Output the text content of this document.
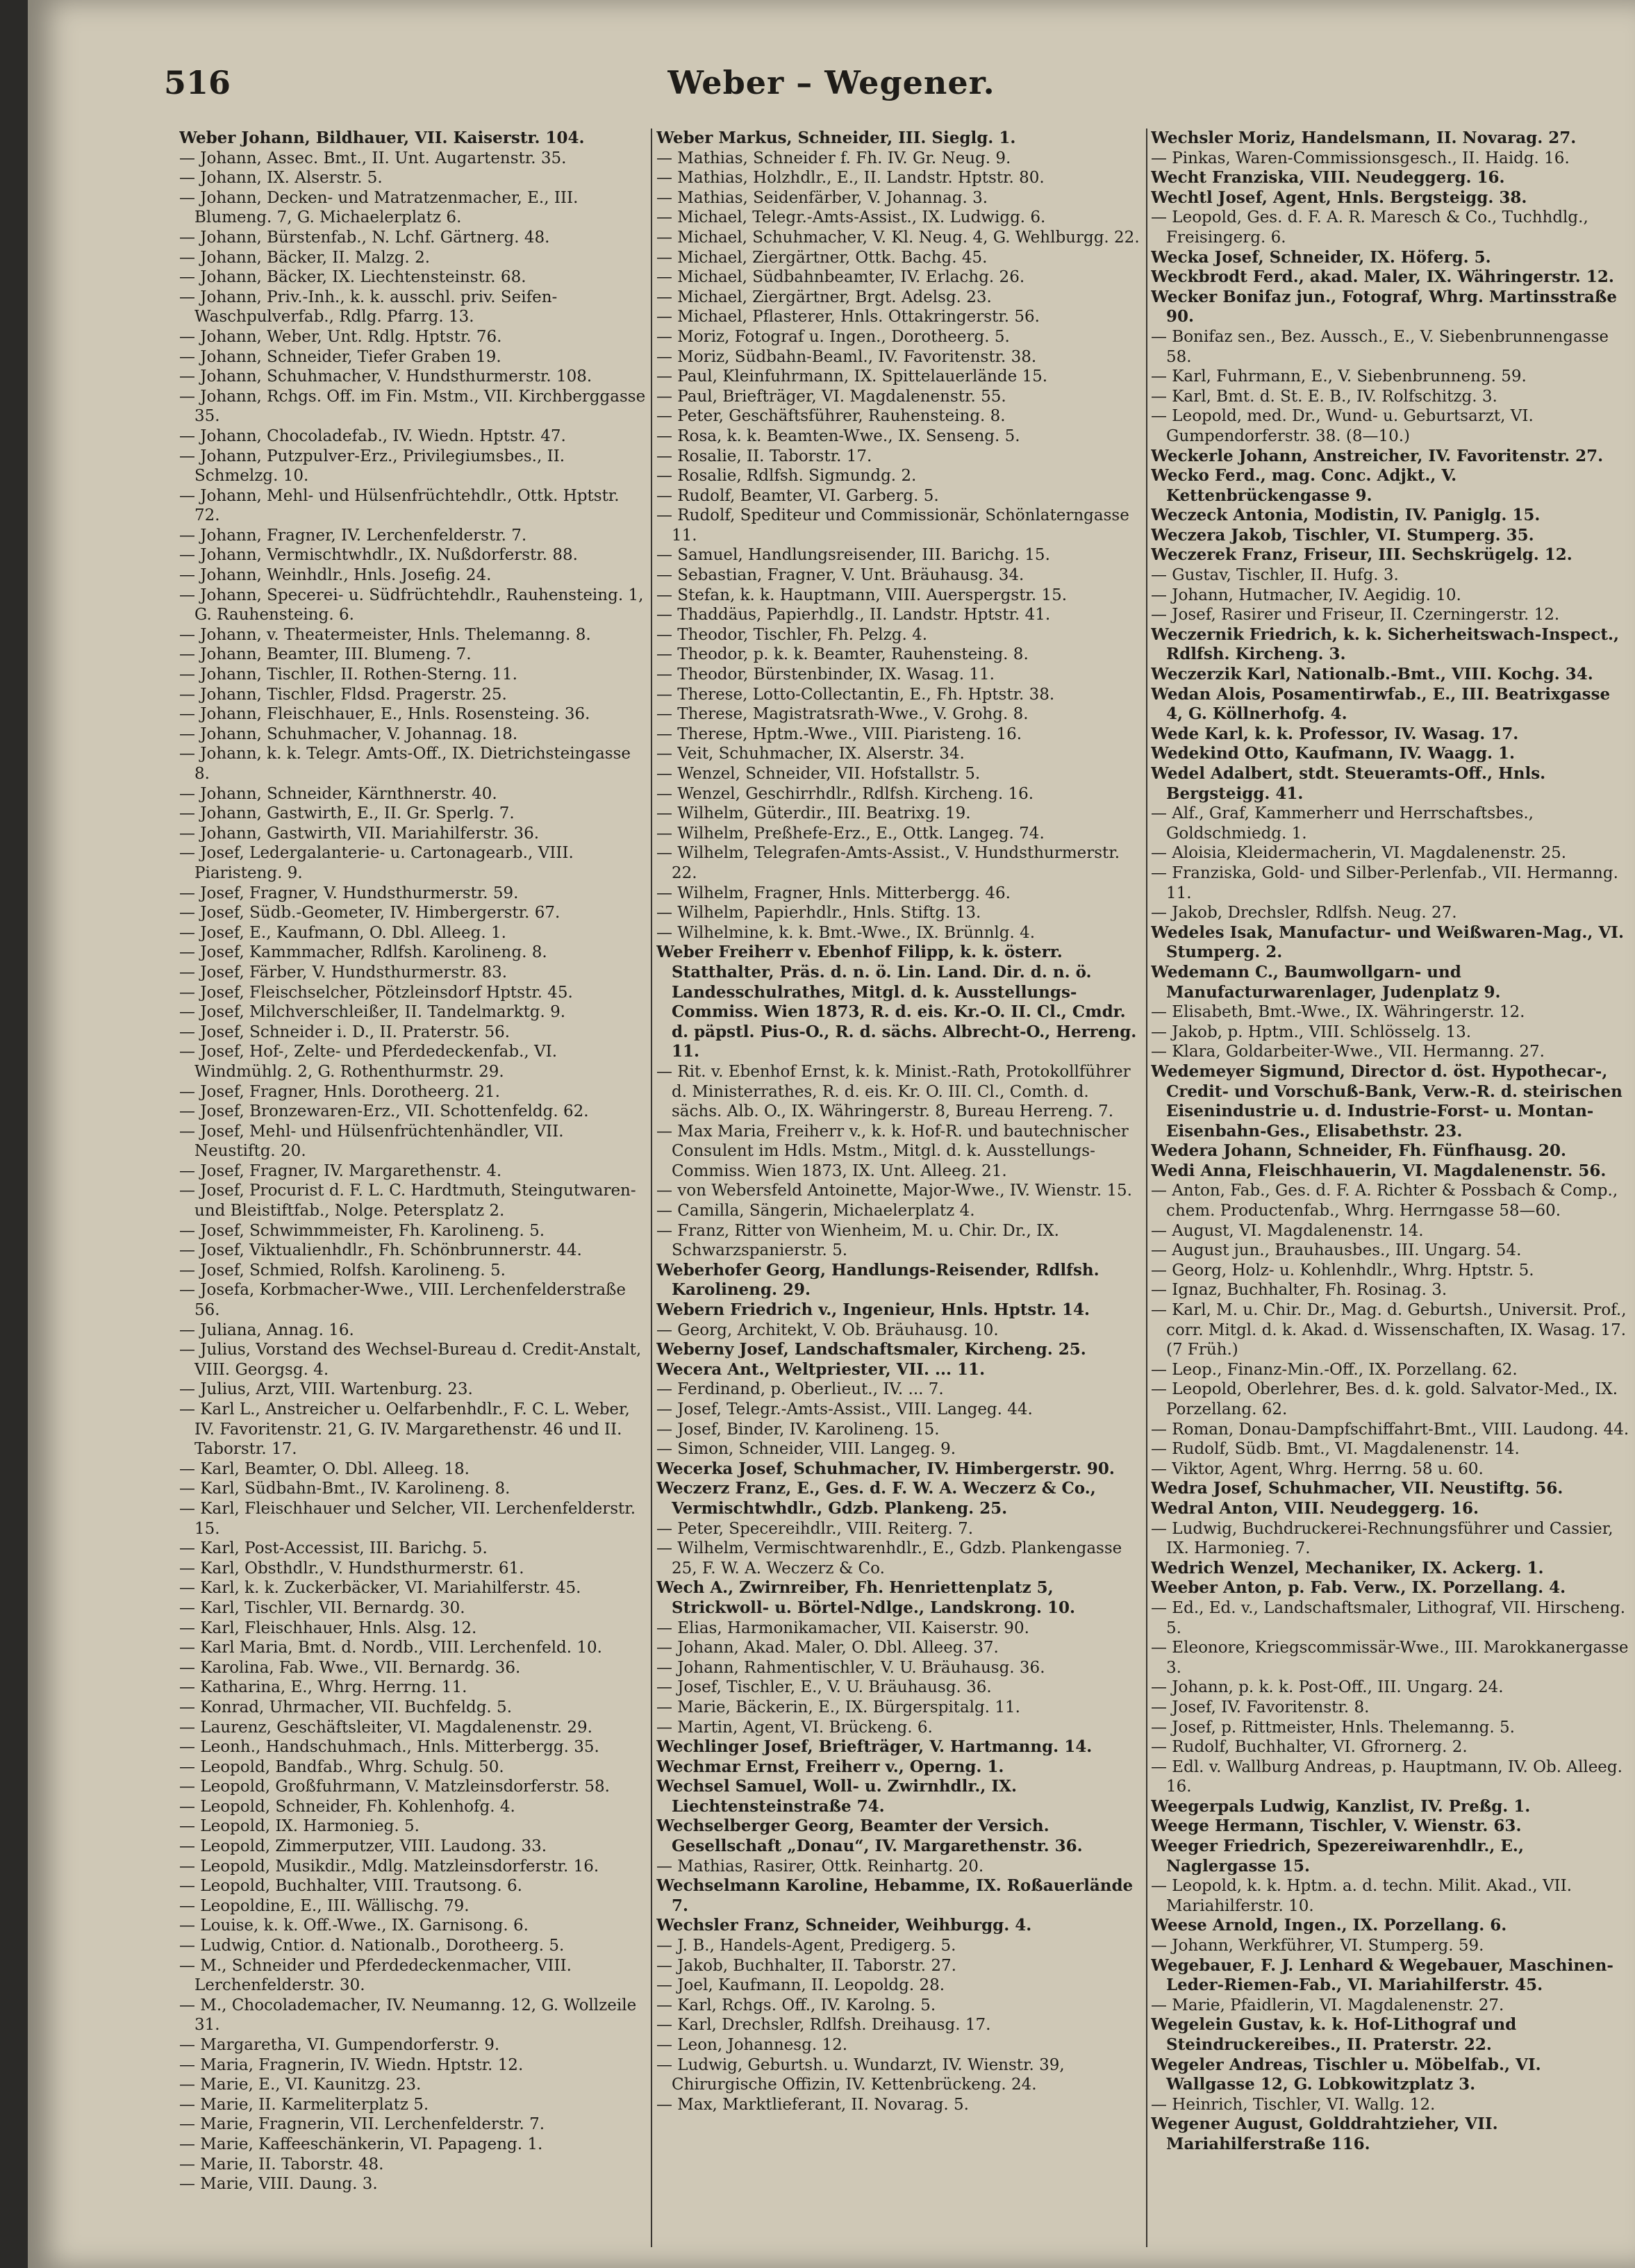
516	Weber – Wegener.

Weber Johann, Bildhauer, VII. Kaiserstr. 104.

— Johann, Assec. Bmt., II. Unt. Augartenstr. 35.

— Johann, IX. Alserstr. 5.

— Johann, Decken- und Matratzenmacher, E., III. Blumeng. 7, G. Michaelerplatz 6.

— Johann, Bürstenfab., N. Lchf. Gärtnerg. 48.

— Johann, Bäcker, II. Malzg. 2.

— Johann, Bäcker, IX. Liechtensteinstr. 68.

— Johann, Priv.-Inh., k. k. ausschl. priv. Seifen-Waschpulverfab., Rdlg. Pfarrg. 13.

— Johann, Weber, Unt. Rdlg. Hptstr. 76.

— Johann, Schneider, Tiefer Graben 19.

— Johann, Schuhmacher, V. Hundsthurmerstr. 108.

— Johann, Rchgs. Off. im Fin. Mstm., VII. Kirchberggasse 35.

— Johann, Chocoladefab., IV. Wiedn. Hptstr. 47.

— Johann, Putzpulver-Erz., Privilegiumsbes., II. Schmelzg. 10.

— Johann, Mehl- und Hülsenfrüchtehdlr., Ottk. Hptstr. 72.

— Johann, Fragner, IV. Lerchenfelderstr. 7.

— Johann, Vermischtwhdlr., IX. Nußdorferstr. 88.

— Johann, Weinhdlr., Hnls. Josefig. 24.

— Johann, Specerei- u. Südfrüchtehdlr., Rauhensteing. 1, G. Rauhensteing. 6.

— Johann, v. Theatermeister, Hnls. Thelemanng. 8.

— Johann, Beamter, III. Blumeng. 7.

— Johann, Tischler, II. Rothen-Sterng. 11.

— Johann, Tischler, Fldsd. Pragerstr. 25.

— Johann, Fleischhauer, E., Hnls. Rosensteing. 36.

— Johann, Schuhmacher, V. Johannag. 18.

— Johann, k. k. Telegr. Amts-Off., IX. Dietrichsteingasse 8.

— Johann, Schneider, Kärnthnerstr. 40.

— Johann, Gastwirth, E., II. Gr. Sperlg. 7.

— Johann, Gastwirth, VII. Mariahilferstr. 36.

— Josef, Ledergalanterie- u. Cartonagearb., VIII. Piaristeng. 9.

— Josef, Fragner, V. Hundsthurmerstr. 59.

— Josef, Südb.-Geometer, IV. Himbergerstr. 67.

— Josef, E., Kaufmann, O. Dbl. Alleeg. 1.

— Josef, Kammmacher, Rdlfsh. Karolineng. 8.

— Josef, Färber, V. Hundsthurmerstr. 83.

— Josef, Fleischselcher, Pötzleinsdorf Hptstr. 45.

— Josef, Milchverschleißer, II. Tandelmarktg. 9.

— Josef, Schneider i. D., II. Praterstr. 56.

— Josef, Hof-, Zelte- und Pferdedeckenfab., VI. Windmühlg. 2, G. Rothenthurmstr. 29.

— Josef, Fragner, Hnls. Dorotheerg. 21.

— Josef, Bronzewaren-Erz., VII. Schottenfeldg. 62.

— Josef, Mehl- und Hülsenfrüchtenhändler, VII. Neustiftg. 20.

— Josef, Fragner, IV. Margarethenstr. 4.

— Josef, Procurist d. F. L. C. Hardtmuth, Steingutwaren- und Bleistiftfab., Nolge. Petersplatz 2.

— Josef, Schwimmmeister, Fh. Karolineng. 5.

— Josef, Viktualienhdlr., Fh. Schönbrunnerstr. 44.

— Josef, Schmied, Rolfsh. Karolineng. 5.

— Josefa, Korbmacher-Wwe., VIII. Lerchenfelderstraße 56.

— Juliana, Annag. 16.

— Julius, Vorstand des Wechsel-Bureau d. Credit-Anstalt, VIII. Georgsg. 4.

— Julius, Arzt, VIII. Wartenburg. 23.

— Karl L., Anstreicher u. Oelfarbenhdlr., F. C. L. Weber, IV. Favoritenstr. 21, G. IV. Margarethenstr. 46 und II. Taborstr. 17.

— Karl, Beamter, O. Dbl. Alleeg. 18.

— Karl, Südbahn-Bmt., IV. Karolineng. 8.

— Karl, Fleischhauer und Selcher, VII. Lerchenfelderstr. 15.

— Karl, Post-Accessist, III. Barichg. 5.

— Karl, Obsthdlr., V. Hundsthurmerstr. 61.

— Karl, k. k. Zuckerbäcker, VI. Mariahilferstr. 45.

— Karl, Tischler, VII. Bernardg. 30.

— Karl, Fleischhauer, Hnls. Alsg. 12.

— Karl Maria, Bmt. d. Nordb., VIII. Lerchenfeld. 10.

— Karolina, Fab. Wwe., VII. Bernardg. 36.

— Katharina, E., Whrg. Herrng. 11.

— Konrad, Uhrmacher, VII. Buchfeldg. 5.

— Laurenz, Geschäftsleiter, VI. Magdalenenstr. 29.

— Leonh., Handschuhmach., Hnls. Mitterbergg. 35.

— Leopold, Bandfab., Whrg. Schulg. 50.

— Leopold, Großfuhrmann, V. Matzleinsdorferstr. 58.

— Leopold, Schneider, Fh. Kohlenhofg. 4.

— Leopold, IX. Harmonieg. 5.

— Leopold, Zimmerputzer, VIII. Laudong. 33.

— Leopold, Musikdir., Mdlg. Matzleinsdorferstr. 16.

— Leopold, Buchhalter, VIII. Trautsong. 6.

— Leopoldine, E., III. Wällischg. 79.

— Louise, k. k. Off.-Wwe., IX. Garnisong. 6.

— Ludwig, Cntior. d. Nationalb., Dorotheerg. 5.

— M., Schneider und Pferdedeckenmacher, VIII. Lerchenfelderstr. 30.

— M., Chocolademacher, IV. Neumanng. 12, G. Wollzeile 31.

— Margaretha, VI. Gumpendorferstr. 9.

— Maria, Fragnerin, IV. Wiedn. Hptstr. 12.

— Marie, E., VI. Kaunitzg. 23.

— Marie, II. Karmeliterplatz 5.

— Marie, Fragnerin, VII. Lerchenfelderstr. 7.

— Marie, Kaffeeschänkerin, VI. Papageng. 1.

— Marie, II. Taborstr. 48.

— Marie, VIII. Daung. 3.

Weber Markus, Schneider, III. Sieglg. 1.

— Mathias, Schneider f. Fh. IV. Gr. Neug. 9.

— Mathias, Holzhdlr., E., II. Landstr. Hptstr. 80.

— Mathias, Seidenfärber, V. Johannag. 3.

— Michael, Telegr.-Amts-Assist., IX. Ludwigg. 6.

— Michael, Schuhmacher, V. Kl. Neug. 4, G. Wehlburgg. 22.

— Michael, Ziergärtner, Ottk. Bachg. 45.

— Michael, Südbahnbeamter, IV. Erlachg. 26.

— Michael, Ziergärtner, Brgt. Adelsg. 23.

— Michael, Pflasterer, Hnls. Ottakringerstr. 56.

— Moriz, Fotograf u. Ingen., Dorotheerg. 5.

— Moriz, Südbahn-Beaml., IV. Favoritenstr. 38.

— Paul, Kleinfuhrmann, IX. Spittelauerlände 15.

— Paul, Briefträger, VI. Magdalenenstr. 55.

— Peter, Geschäftsführer, Rauhensteing. 8.

— Rosa, k. k. Beamten-Wwe., IX. Senseng. 5.

— Rosalie, II. Taborstr. 17.

— Rosalie, Rdlfsh. Sigmundg. 2.

— Rudolf, Beamter, VI. Garberg. 5.

— Rudolf, Spediteur und Commissionär, Schönlaterngasse 11.

— Samuel, Handlungsreisender, III. Barichg. 15.

— Sebastian, Fragner, V. Unt. Bräuhausg. 34.

— Stefan, k. k. Hauptmann, VIII. Auerspergstr. 15.

— Thaddäus, Papierhdlg., II. Landstr. Hptstr. 41.

— Theodor, Tischler, Fh. Pelzg. 4.

— Theodor, p. k. k. Beamter, Rauhensteing. 8.

— Theodor, Bürstenbinder, IX. Wasag. 11.

— Therese, Lotto-Collectantin, E., Fh. Hptstr. 38.

— Therese, Magistratsrath-Wwe., V. Grohg. 8.

— Therese, Hptm.-Wwe., VIII. Piaristeng. 16.

— Veit, Schuhmacher, IX. Alserstr. 34.

— Wenzel, Schneider, VII. Hofstallstr. 5.

— Wenzel, Geschirrhdlr., Rdlfsh. Kircheng. 16.

— Wilhelm, Güterdir., III. Beatrixg. 19.

— Wilhelm, Preßhefe-Erz., E., Ottk. Langeg. 74.

— Wilhelm, Telegrafen-Amts-Assist., V. Hundsthurmerstr. 22.

— Wilhelm, Fragner, Hnls. Mitterbergg. 46.

— Wilhelm, Papierhdlr., Hnls. Stiftg. 13.

— Wilhelmine, k. k. Bmt.-Wwe., IX. Brünnlg. 4.

Weber Freiherr v. Ebenhof Filipp, k. k. österr. Statthalter, Präs. d. n. ö. Lin. Land. Dir. d. n. ö. Landesschulrathes, Mitgl. d. k. Ausstellungs-Commiss. Wien 1873, R. d. eis. Kr.-O. II. Cl., Cmdr. d. päpstl. Pius-O., R. d. sächs. Albrecht-O., Herreng. 11.

— Rit. v. Ebenhof Ernst, k. k. Minist.-Rath, Protokollführer d. Ministerrathes, R. d. eis. Kr. O. III. Cl., Comth. d. sächs. Alb. O., IX. Währingerstr. 8, Bureau Herreng. 7.

— Max Maria, Freiherr v., k. k. Hof-R. und bautechnischer Consulent im Hdls. Mstm., Mitgl. d. k. Ausstellungs-Commiss. Wien 1873, IX. Unt. Alleeg. 21.

— von Webersfeld Antoinette, Major-Wwe., IV. Wienstr. 15.

— Camilla, Sängerin, Michaelerplatz 4.

— Franz, Ritter von Wienheim, M. u. Chir. Dr., IX. Schwarzspanierstr. 5.

Weberhofer Georg, Handlungs-Reisender, Rdlfsh. Karolineng. 29.

Webern Friedrich v., Ingenieur, Hnls. Hptstr. 14.

— Georg, Architekt, V. Ob. Bräuhausg. 10.

Weberny Josef, Landschaftsmaler, Kircheng. 25.

Wecera Ant., Weltpriester, VII. ... 11.

— Ferdinand, p. Oberlieut., IV. ... 7.

— Josef, Telegr.-Amts-Assist., VIII. Langeg. 44.

— Josef, Binder, IV. Karolineng. 15.

— Simon, Schneider, VIII. Langeg. 9.

Wecerka Josef, Schuhmacher, IV. Himbergerstr. 90.

Weczerz Franz, E., Ges. d. F. W. A. Weczerz & Co., Vermischtwhdlr., Gdzb. Plankeng. 25.

— Peter, Specereihdlr., VIII. Reiterg. 7.

— Wilhelm, Vermischtwarenhdlr., E., Gdzb. Plankengasse 25, F. W. A. Weczerz & Co.

Wech A., Zwirnreiber, Fh. Henriettenplatz 5, Strickwoll- u. Börtel-Ndlge., Landskrong. 10.

— Elias, Harmonikamacher, VII. Kaiserstr. 90.

— Johann, Akad. Maler, O. Dbl. Alleeg. 37.

— Johann, Rahmentischler, V. U. Bräuhausg. 36.

— Josef, Tischler, E., V. U. Bräuhausg. 36.

— Marie, Bäckerin, E., IX. Bürgerspitalg. 11.

— Martin, Agent, VI. Brückeng. 6.

Wechlinger Josef, Briefträger, V. Hartmanng. 14.

Wechmar Ernst, Freiherr v., Operng. 1.

Wechsel Samuel, Woll- u. Zwirnhdlr., IX. Liechtensteinstraße 74.

Wechselberger Georg, Beamter der Versich. Gesellschaft „Donau“, IV. Margarethenstr. 36.

— Mathias, Rasirer, Ottk. Reinhartg. 20.

Wechselmann Karoline, Hebamme, IX. Roßauerlände 7.

Wechsler Franz, Schneider, Weihburgg. 4.

— J. B., Handels-Agent, Predigerg. 5.

— Jakob, Buchhalter, II. Taborstr. 27.

— Joel, Kaufmann, II. Leopoldg. 28.

— Karl, Rchgs. Off., IV. Karolng. 5.

— Karl, Drechsler, Rdlfsh. Dreihausg. 17.

— Leon, Johannesg. 12.

— Ludwig, Geburtsh. u. Wundarzt, IV. Wienstr. 39, Chirurgische Offizin, IV. Kettenbrückeng. 24.

— Max, Marktlieferant, II. Novarag. 5.

Wechsler Moriz, Handelsmann, II. Novarag. 27.

— Pinkas, Waren-Commissionsgesch., II. Haidg. 16.

Wecht Franziska, VIII. Neudeggerg. 16.

Wechtl Josef, Agent, Hnls. Bergsteigg. 38.

— Leopold, Ges. d. F. A. R. Maresch & Co., Tuchhdlg., Freisingerg. 6.

Wecka Josef, Schneider, IX. Höferg. 5.

Weckbrodt Ferd., akad. Maler, IX. Währingerstr. 12.

Wecker Bonifaz jun., Fotograf, Whrg. Martinsstraße 90.

— Bonifaz sen., Bez. Aussch., E., V. Siebenbrunnengasse 58.

— Karl, Fuhrmann, E., V. Siebenbrunneng. 59.

— Karl, Bmt. d. St. E. B., IV. Rolfschitzg. 3.

— Leopold, med. Dr., Wund- u. Geburtsarzt, VI. Gumpendorferstr. 38. (8—10.)

Weckerle Johann, Anstreicher, IV. Favoritenstr. 27.

Wecko Ferd., mag. Conc. Adjkt., V. Kettenbrückengasse 9.

Weczeck Antonia, Modistin, IV. Paniglg. 15.

Weczera Jakob, Tischler, VI. Stumperg. 35.

Weczerek Franz, Friseur, III. Sechskrügelg. 12.

— Gustav, Tischler, II. Hufg. 3.

— Johann, Hutmacher, IV. Aegidig. 10.

— Josef, Rasirer und Friseur, II. Czerningerstr. 12.

Weczernik Friedrich, k. k. Sicherheitswach-Inspect., Rdlfsh. Kircheng. 3.

Weczerzik Karl, Nationalb.-Bmt., VIII. Kochg. 34.

Wedan Alois, Posamentirwfab., E., III. Beatrixgasse 4, G. Köllnerhofg. 4.

Wede Karl, k. k. Professor, IV. Wasag. 17.

Wedekind Otto, Kaufmann, IV. Waagg. 1.

Wedel Adalbert, stdt. Steueramts-Off., Hnls. Bergsteigg. 41.

— Alf., Graf, Kammerherr und Herrschaftsbes., Goldschmiedg. 1.

— Aloisia, Kleidermacherin, VI. Magdalenenstr. 25.

— Franziska, Gold- und Silber-Perlenfab., VII. Hermanng. 11.

— Jakob, Drechsler, Rdlfsh. Neug. 27.

Wedeles Isak, Manufactur- und Weißwaren-Mag., VI. Stumperg. 2.

Wedemann C., Baumwollgarn- und Manufacturwarenlager, Judenplatz 9.

— Elisabeth, Bmt.-Wwe., IX. Währingerstr. 12.

— Jakob, p. Hptm., VIII. Schlösselg. 13.

— Klara, Goldarbeiter-Wwe., VII. Hermanng. 27.

Wedemeyer Sigmund, Director d. öst. Hypothecar-, Credit- und Vorschuß-Bank, Verw.-R. d. steirischen Eisenindustrie u. d. Industrie-Forst- u. Montan-Eisenbahn-Ges., Elisabethstr. 23.

Wedera Johann, Schneider, Fh. Fünfhausg. 20.

Wedi Anna, Fleischhauerin, VI. Magdalenenstr. 56.

— Anton, Fab., Ges. d. F. A. Richter & Possbach & Comp., chem. Productenfab., Whrg. Herrngasse 58—60.

— August, VI. Magdalenenstr. 14.

— August jun., Brauhausbes., III. Ungarg. 54.

— Georg, Holz- u. Kohlenhdlr., Whrg. Hptstr. 5.

— Ignaz, Buchhalter, Fh. Rosinag. 3.

— Karl, M. u. Chir. Dr., Mag. d. Geburtsh., Universit. Prof., corr. Mitgl. d. k. Akad. d. Wissenschaften, IX. Wasag. 17. (7 Früh.)

— Leop., Finanz-Min.-Off., IX. Porzellang. 62.

— Leopold, Oberlehrer, Bes. d. k. gold. Salvator-Med., IX. Porzellang. 62.

— Roman, Donau-Dampfschiffahrt-Bmt., VIII. Laudong. 44.

— Rudolf, Südb. Bmt., VI. Magdalenenstr. 14.

— Viktor, Agent, Whrg. Herrng. 58 u. 60.

Wedra Josef, Schuhmacher, VII. Neustiftg. 56.

Wedral Anton, VIII. Neudeggerg. 16.

— Ludwig, Buchdruckerei-Rechnungsführer und Cassier, IX. Harmonieg. 7.

Wedrich Wenzel, Mechaniker, IX. Ackerg. 1.

Weeber Anton, p. Fab. Verw., IX. Porzellang. 4.

— Ed., Ed. v., Landschaftsmaler, Lithograf, VII. Hirscheng. 5.

— Eleonore, Kriegscommissär-Wwe., III. Marokkanergasse 3.

— Johann, p. k. k. Post-Off., III. Ungarg. 24.

— Josef, IV. Favoritenstr. 8.

— Josef, p. Rittmeister, Hnls. Thelemanng. 5.

— Rudolf, Buchhalter, VI. Gfrornerg. 2.

— Edl. v. Wallburg Andreas, p. Hauptmann, IV. Ob. Alleeg. 16.

Weegerpals Ludwig, Kanzlist, IV. Preßg. 1.

Weege Hermann, Tischler, V. Wienstr. 63.

Weeger Friedrich, Spezereiwarenhdlr., E., Naglergasse 15.

— Leopold, k. k. Hptm. a. d. techn. Milit. Akad., VII. Mariahilferstr. 10.

Weese Arnold, Ingen., IX. Porzellang. 6.

— Johann, Werkführer, VI. Stumperg. 59.

Wegebauer, F. J. Lenhard & Wegebauer, Maschinen-Leder-Riemen-Fab., VI. Mariahilferstr. 45.

— Marie, Pfaidlerin, VI. Magdalenenstr. 27.

Wegelein Gustav, k. k. Hof-Lithograf und Steindruckereibes., II. Praterstr. 22.

Wegeler Andreas, Tischler u. Möbelfab., VI. Wallgasse 12, G. Lobkowitzplatz 3.

— Heinrich, Tischler, VI. Wallg. 12.

Wegener August, Golddrahtzieher, VII. Mariahilferstraße 116.
